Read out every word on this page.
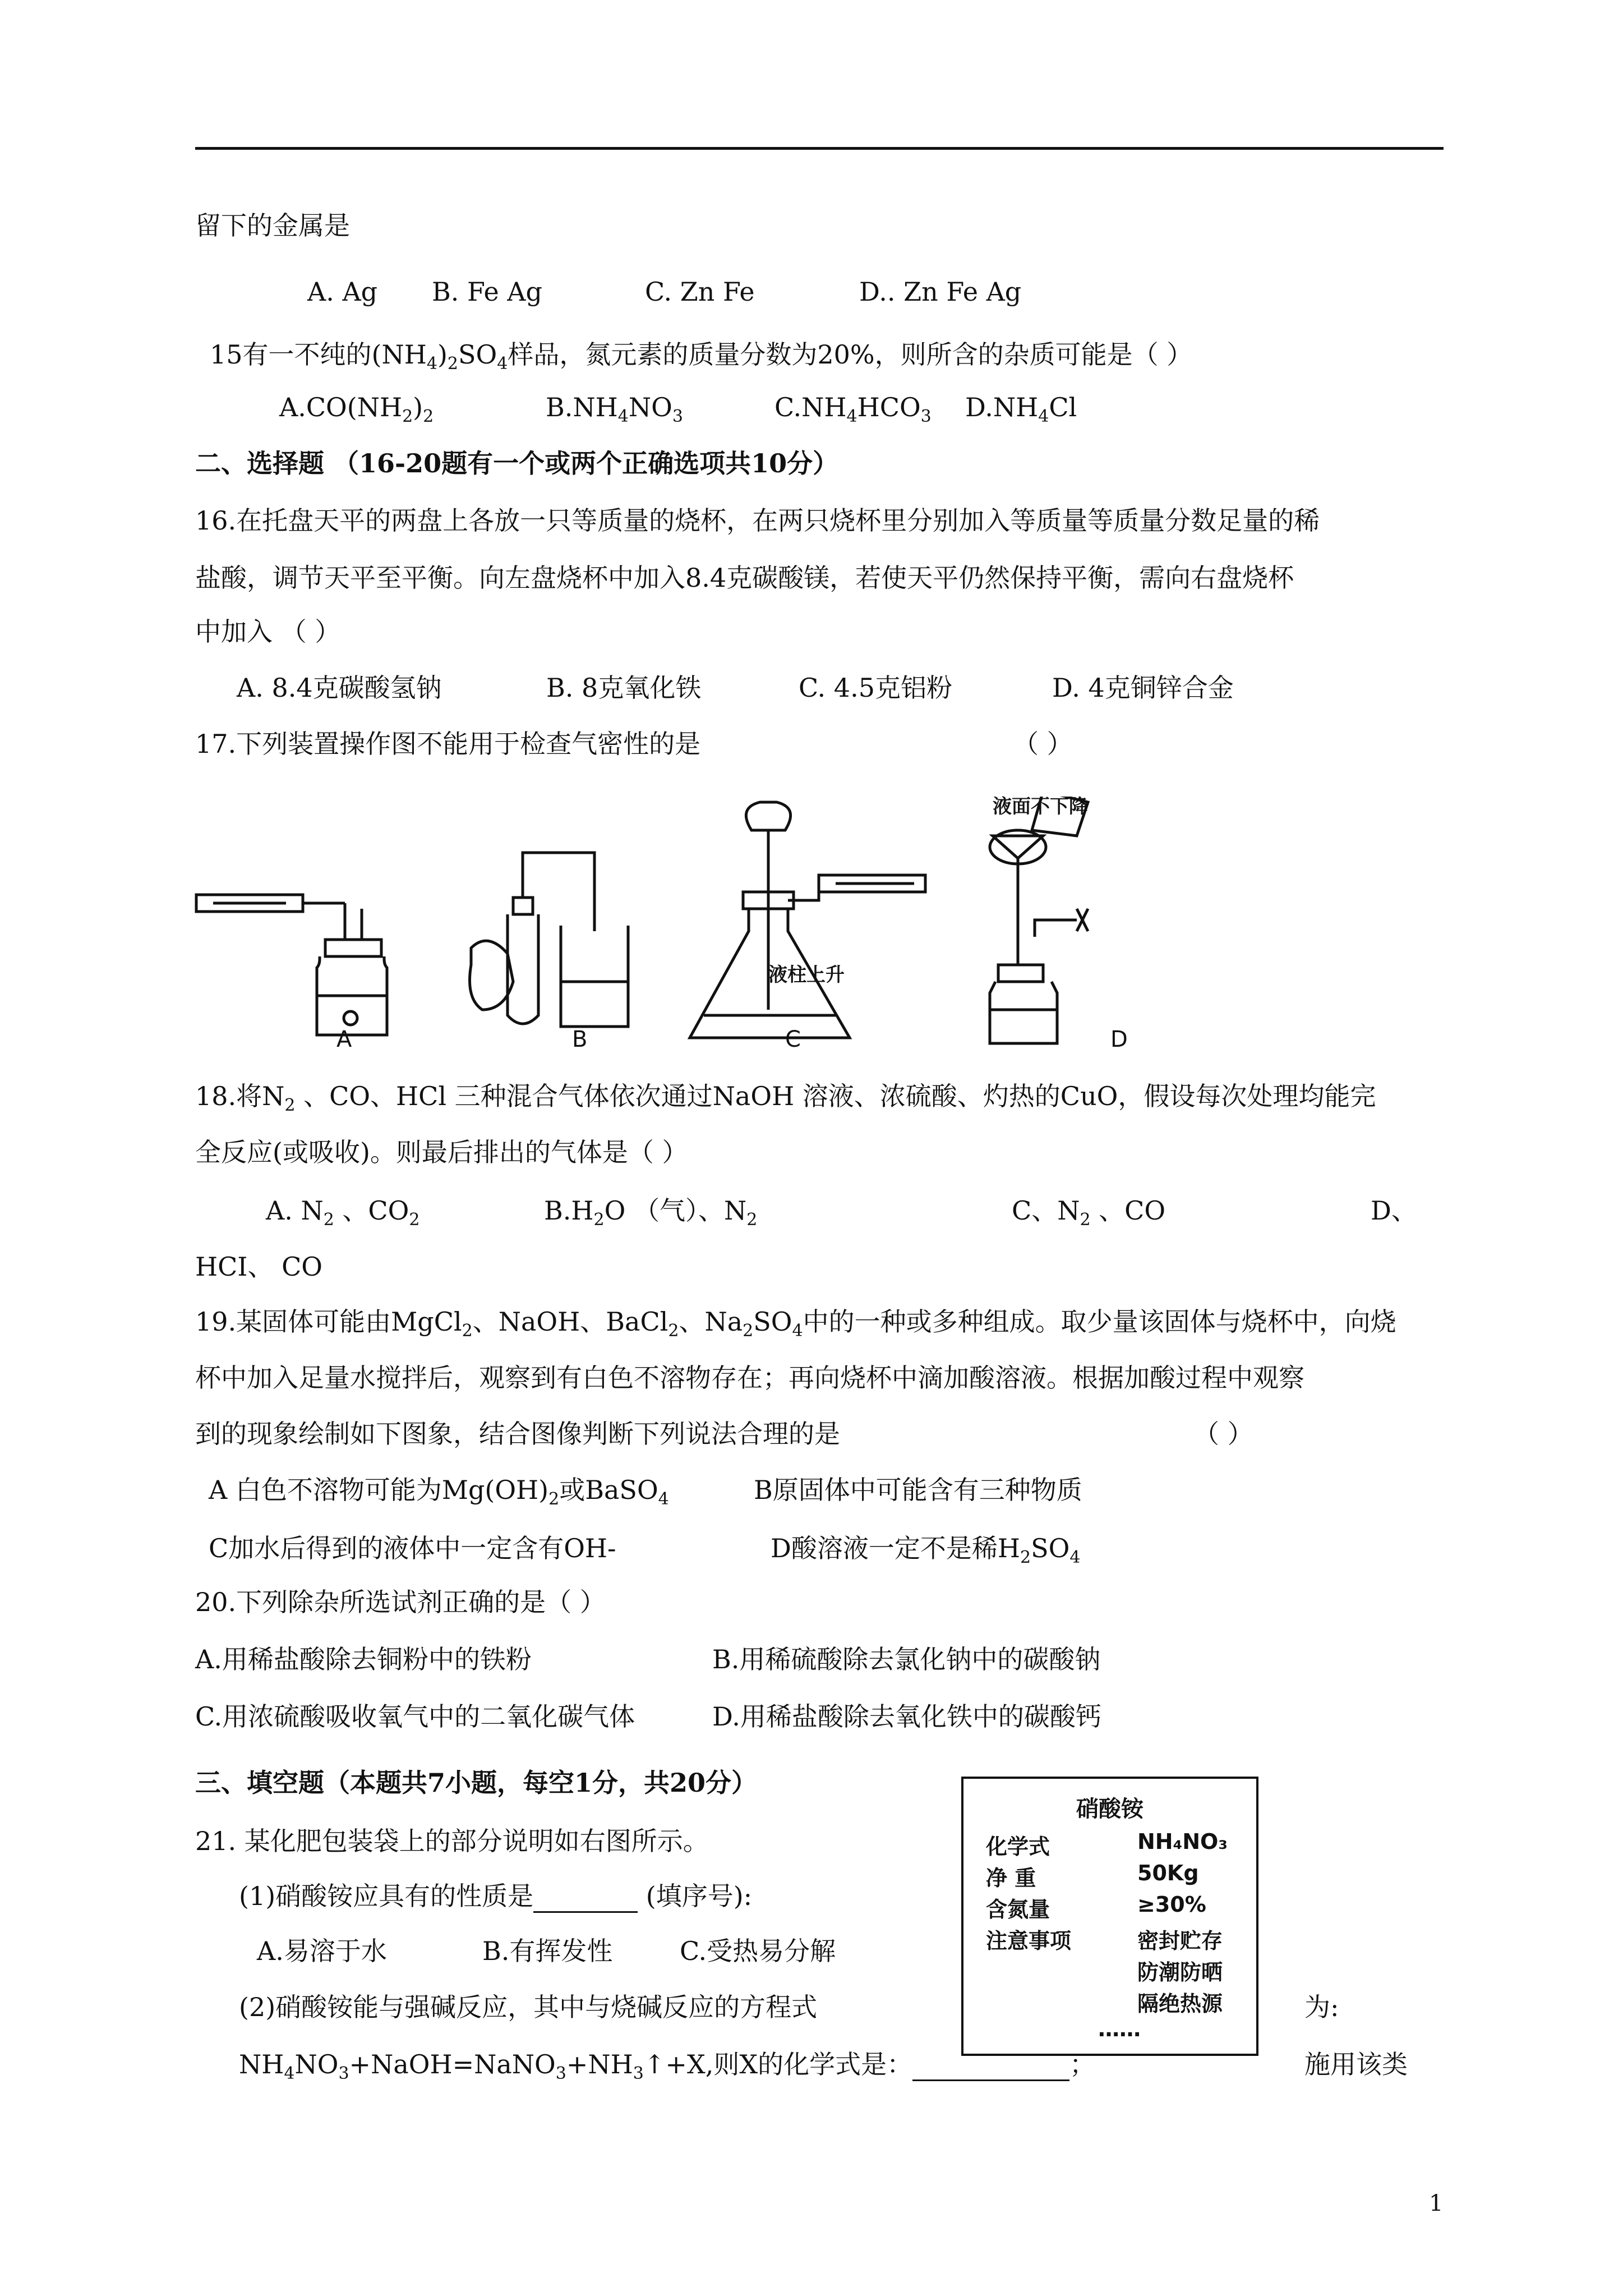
留下的金属是
A. Ag B. Fe Ag	C. Zn Fe	D.. Zn Fe Ag
15有一不纯的$(NH_4)_2SO_4$样品，氮元素的质量分数为20%，则所含的杂质可能是（ ）
$A.CO(NH_2)_2$	$B.NH_4NO_3$	$C.NH_4HCO_3$ $D.NH_4Cl$
二、选择题 （16-20题有一个或两个正确选项共10分）
16.在托盘天平的两盘上各放一只等质量的烧杯，在两只烧杯里分别加入等质量等质量分数足量的稀
盐酸，调节天平至平衡。向左盘烧杯中加入8.4克碳酸镁，若使天平仍然保持平衡，需向右盘烧杯
中加入 （ ）
A. 8.4克碳酸氢钠	B. 8克氧化铁	C. 4.5克铝粉	D. 4克铜锌合金
17.下列装置操作图不能用于检查气密性的是	（ ）
A	B	C	D
液柱上升
液面不下降
18.将$N_2$ 、CO、HCl 三种混合气体依次通过NaOH 溶液、浓硫酸、灼热的CuO，假设每次处理均能完
全反应(或吸收)。则最后排出的气体是（ ）
A. $N_2$ 、$CO_2$	$B.H_2O$ （气）、$N_2$	C、$N_2$ 、CO	D、
HCI、 CO
19.某固体可能由MgCl$_2$、NaOH、BaCl$_2$、$Na_2SO_4$中的一种或多种组成。取少量该固体与烧杯中，向烧
杯中加入足量水搅拌后，观察到有白色不溶物存在；再向烧杯中滴加酸溶液。根据加酸过程中观察
到的现象绘制如下图象，结合图像判断下列说法合理的是	（ ）
A 白色不溶物可能为$Mg(OH)_2$或BaSO$_4$	B原固体中可能含有三种物质
C加水后得到的液体中一定含有OH-	D酸溶液一定不是稀$H_2SO_4$
20.下列除杂所选试剂正确的是（ ）
A.用稀盐酸除去铜粉中的铁粉	B.用稀硫酸除去氯化钠中的碳酸钠
C.用浓硫酸吸收氧气中的二氧化碳气体	D.用稀盐酸除去氧化铁中的碳酸钙
三、填空题（本题共7小题，每空1分，共20分）
21. 某化肥包装袋上的部分说明如右图所示。
(1)硝酸铵应具有的性质是	(填序号):
A.易溶于水	B.有挥发性	C.受热易分解
(2)硝酸铵能与强碱反应，其中与烧碱反应的方程式	为:
$NH_4NO_3+NaOH=NaNO_3+NH_3↑+X$,则X的化学式是：	；	施用该类
硝酸铵
化学式	NH₄NO₃
净 重	50Kg
含氮量	≥30%
注意事项	密封贮存
防潮防晒
隔绝热源
……
1
